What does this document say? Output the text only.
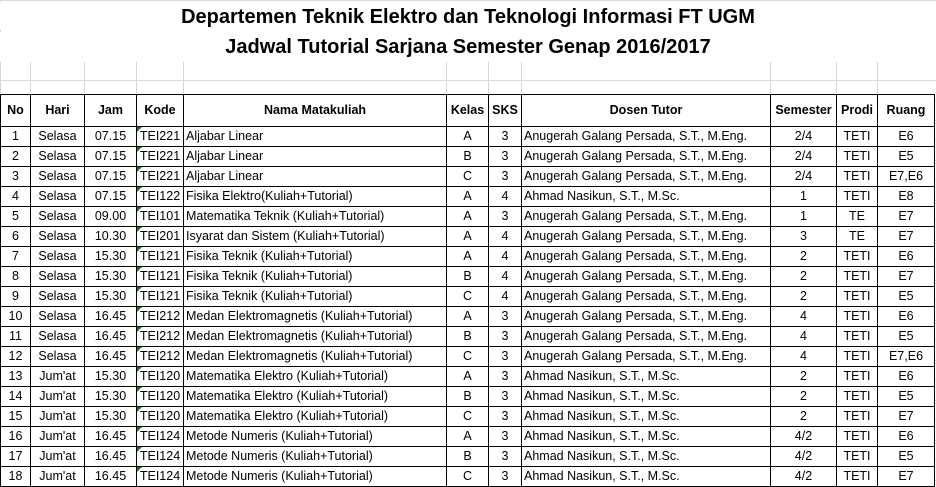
Departemen Teknik Elektro dan Teknologi Informasi FT UGM
Jadwal Tutorial Sarjana Semester Genap 2016/2017
No	Hari	Jam	Kode	Nama Matakuliah	Kelas	SKS	Dosen Tutor	Semester	Prodi	Ruang
1	Selasa	07.15	TEI221	Aljabar Linear	A	3	Anugerah Galang Persada, S.T., M.Eng.	2/4	TETI	E6
2	Selasa	07.15	TEI221	Aljabar Linear	B	3	Anugerah Galang Persada, S.T., M.Eng.	2/4	TETI	E5
3	Selasa	07.15	TEI221	Aljabar Linear	C	3	Anugerah Galang Persada, S.T., M.Eng.	2/4	TETI	E7,E6
4	Selasa	07.15	TEI122	Fisika Elektro(Kuliah+Tutorial)	A	4	Ahmad Nasikun, S.T., M.Sc.	1	TETI	E8
5	Selasa	09.00	TEI101	Matematika Teknik (Kuliah+Tutorial)	A	3	Anugerah Galang Persada, S.T., M.Eng.	1	TE	E7
6	Selasa	10.30	TEI201	Isyarat dan Sistem (Kuliah+Tutorial)	A	4	Anugerah Galang Persada, S.T., M.Eng.	3	TE	E7
7	Selasa	15.30	TEI121	Fisika Teknik (Kuliah+Tutorial)	A	4	Anugerah Galang Persada, S.T., M.Eng.	2	TETI	E6
8	Selasa	15.30	TEI121	Fisika Teknik (Kuliah+Tutorial)	B	4	Anugerah Galang Persada, S.T., M.Eng.	2	TETI	E7
9	Selasa	15.30	TEI121	Fisika Teknik (Kuliah+Tutorial)	C	4	Anugerah Galang Persada, S.T., M.Eng.	2	TETI	E5
10	Selasa	16.45	TEI212	Medan Elektromagnetis (Kuliah+Tutorial)	A	3	Anugerah Galang Persada, S.T., M.Eng.	4	TETI	E6
11	Selasa	16.45	TEI212	Medan Elektromagnetis (Kuliah+Tutorial)	B	3	Anugerah Galang Persada, S.T., M.Eng.	4	TETI	E5
12	Selasa	16.45	TEI212	Medan Elektromagnetis (Kuliah+Tutorial)	C	3	Anugerah Galang Persada, S.T., M.Eng.	4	TETI	E7,E6
13	Jum'at	15.30	TEI120	Matematika Elektro (Kuliah+Tutorial)	A	3	Ahmad Nasikun, S.T., M.Sc.	2	TETI	E6
14	Jum'at	15.30	TEI120	Matematika Elektro (Kuliah+Tutorial)	B	3	Ahmad Nasikun, S.T., M.Sc.	2	TETI	E5
15	Jum'at	15.30	TEI120	Matematika Elektro (Kuliah+Tutorial)	C	3	Ahmad Nasikun, S.T., M.Sc.	2	TETI	E7
16	Jum'at	16.45	TEI124	Metode Numeris (Kuliah+Tutorial)	A	3	Ahmad Nasikun, S.T., M.Sc.	4/2	TETI	E6
17	Jum'at	16.45	TEI124	Metode Numeris (Kuliah+Tutorial)	B	3	Ahmad Nasikun, S.T., M.Sc.	4/2	TETI	E5
18	Jum'at	16.45	TEI124	Metode Numeris (Kuliah+Tutorial)	C	3	Ahmad Nasikun, S.T., M.Sc.	4/2	TETI	E7
